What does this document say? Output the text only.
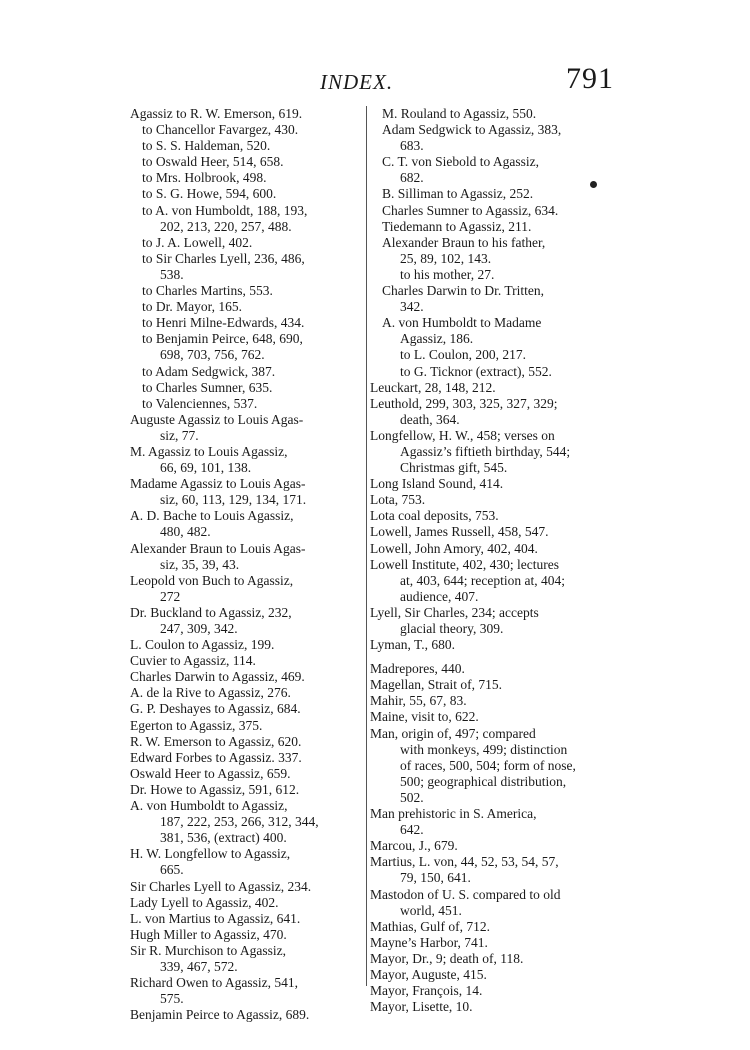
INDEX.	791
Agassiz to R. W. Emerson, 619.
to Chancellor Favargez, 430.
to S. S. Haldeman, 520.
to Oswald Heer, 514, 658.
to Mrs. Holbrook, 498.
to S. G. Howe, 594, 600.
to A. von Humboldt, 188, 193,
202, 213, 220, 257, 488.
to J. A. Lowell, 402.
to Sir Charles Lyell, 236, 486,
538.
to Charles Martins, 553.
to Dr. Mayor, 165.
to Henri Milne-Edwards, 434.
to Benjamin Peirce, 648, 690,
698, 703, 756, 762.
to Adam Sedgwick, 387.
to Charles Sumner, 635.
to Valenciennes, 537.
Auguste Agassiz to Louis Agas-
siz, 77.
M. Agassiz to Louis Agassiz,
66, 69, 101, 138.
Madame Agassiz to Louis Agas-
siz, 60, 113, 129, 134, 171.
A. D. Bache to Louis Agassiz,
480, 482.
Alexander Braun to Louis Agas-
siz, 35, 39, 43.
Leopold von Buch to Agassiz,
272
Dr. Buckland to Agassiz, 232,
247, 309, 342.
L. Coulon to Agassiz, 199.
Cuvier to Agassiz, 114.
Charles Darwin to Agassiz, 469.
A. de la Rive to Agassiz, 276.
G. P. Deshayes to Agassiz, 684.
Egerton to Agassiz, 375.
R. W. Emerson to Agassiz, 620.
Edward Forbes to Agassiz. 337.
Oswald Heer to Agassiz, 659.
Dr. Howe to Agassiz, 591, 612.
A. von Humboldt to Agassiz,
187, 222, 253, 266, 312, 344,
381, 536, (extract) 400.
H. W. Longfellow to Agassiz,
665.
Sir Charles Lyell to Agassiz, 234.
Lady Lyell to Agassiz, 402.
L. von Martius to Agassiz, 641.
Hugh Miller to Agassiz, 470.
Sir R. Murchison to Agassiz,
339, 467, 572.
Richard Owen to Agassiz, 541,
575.
Benjamin Peirce to Agassiz, 689.
M. Rouland to Agassiz, 550.
Adam Sedgwick to Agassiz, 383,
683.
C. T. von Siebold to Agassiz,
682.
B. Silliman to Agassiz, 252.
Charles Sumner to Agassiz, 634.
Tiedemann to Agassiz, 211.
Alexander Braun to his father,
25, 89, 102, 143.
to his mother, 27.
Charles Darwin to Dr. Tritten,
342.
A. von Humboldt to Madame
Agassiz, 186.
to L. Coulon, 200, 217.
to G. Ticknor (extract), 552.
Leuckart, 28, 148, 212.
Leuthold, 299, 303, 325, 327, 329;
death, 364.
Longfellow, H. W., 458; verses on
Agassiz’s fiftieth birthday, 544;
Christmas gift, 545.
Long Island Sound, 414.
Lota, 753.
Lota coal deposits, 753.
Lowell, James Russell, 458, 547.
Lowell, John Amory, 402, 404.
Lowell Institute, 402, 430; lectures
at, 403, 644; reception at, 404;
audience, 407.
Lyell, Sir Charles, 234; accepts
glacial theory, 309.
Lyman, T., 680.
Madrepores, 440.
Magellan, Strait of, 715.
Mahir, 55, 67, 83.
Maine, visit to, 622.
Man, origin of, 497; compared
with monkeys, 499; distinction
of races, 500, 504; form of nose,
500; geographical distribution,
502.
Man prehistoric in S. America,
642.
Marcou, J., 679.
Martius, L. von, 44, 52, 53, 54, 57,
79, 150, 641.
Mastodon of U. S. compared to old
world, 451.
Mathias, Gulf of, 712.
Mayne’s Harbor, 741.
Mayor, Dr., 9; death of, 118.
Mayor, Auguste, 415.
Mayor, François, 14.
Mayor, Lisette, 10.
